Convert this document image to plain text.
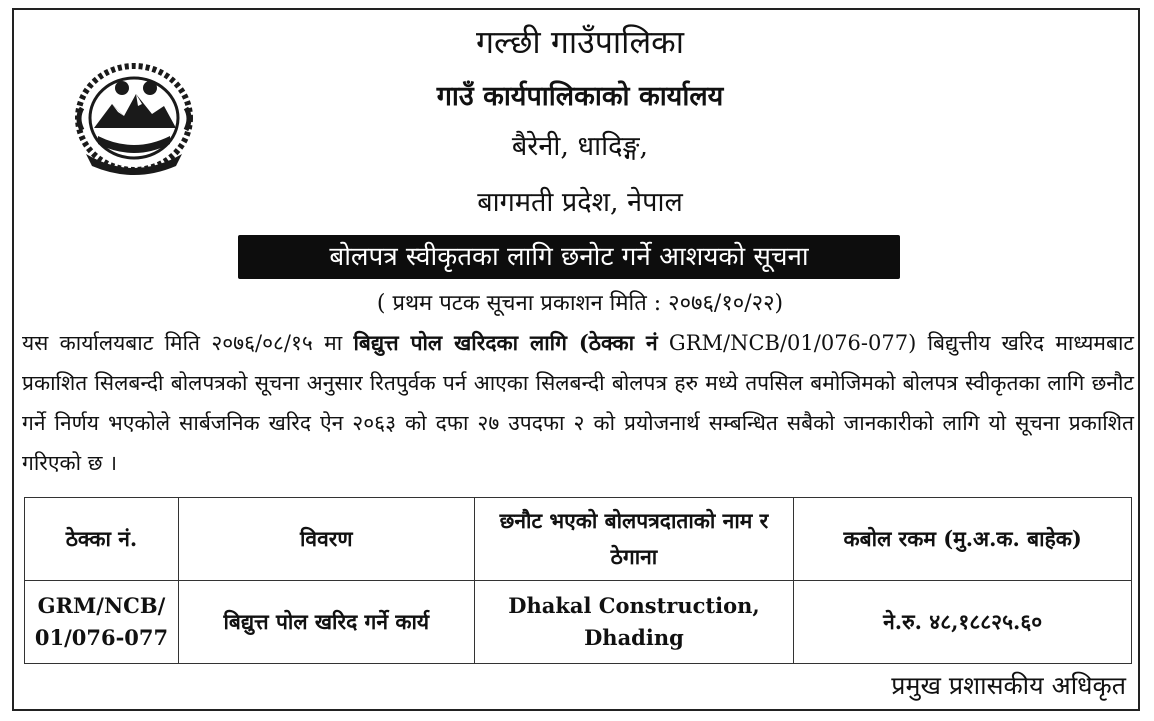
गल्छी गाउँपालिका
गाउँ कार्यपालिकाको कार्यालय
बैरेनी, धादिङ्ग,
बागमती प्रदेश, नेपाल
बोलपत्र स्वीकृतका लागि छनोट गर्ने आशयको सूचना
( प्रथम पटक सूचना प्रकाशन मिति : २०७६/१०/२२)
यस कार्यालयबाट मिति २०७६/०८/१५ मा बिद्युत्त पोल खरिदका लागि (ठेक्का नं GRM/NCB/01/076-077) बिद्युत्तीय खरिद माध्यमबाट प्रकाशित सिलबन्दी बोलपत्रको सूचना अनुसार रितपुर्वक पर्न आएका सिलबन्दी बोलपत्र हरु मध्ये तपसिल बमोजिमको बोलपत्र स्वीकृतका लागि छनौट गर्ने निर्णय भएकोले सार्बजनिक खरिद ऐन २०६३ को दफा २७ उपदफा २ को प्रयोजनार्थ सम्बन्धित सबैको जानकारीको लागि यो सूचना प्रकाशित गरिएको छ ।
ठेक्का नं.	विवरण	छनौट भएको बोलपत्रदाताको नाम र ठेगाना	कबोल रकम (मु.अ.क. बाहेक)
GRM/NCB/ 01/076-077	बिद्युत्त पोल खरिद गर्ने कार्य	Dhakal Construction, Dhading	ने.रु. ४८,१८८२५.६०
प्रमुख प्रशासकीय अधिकृत
